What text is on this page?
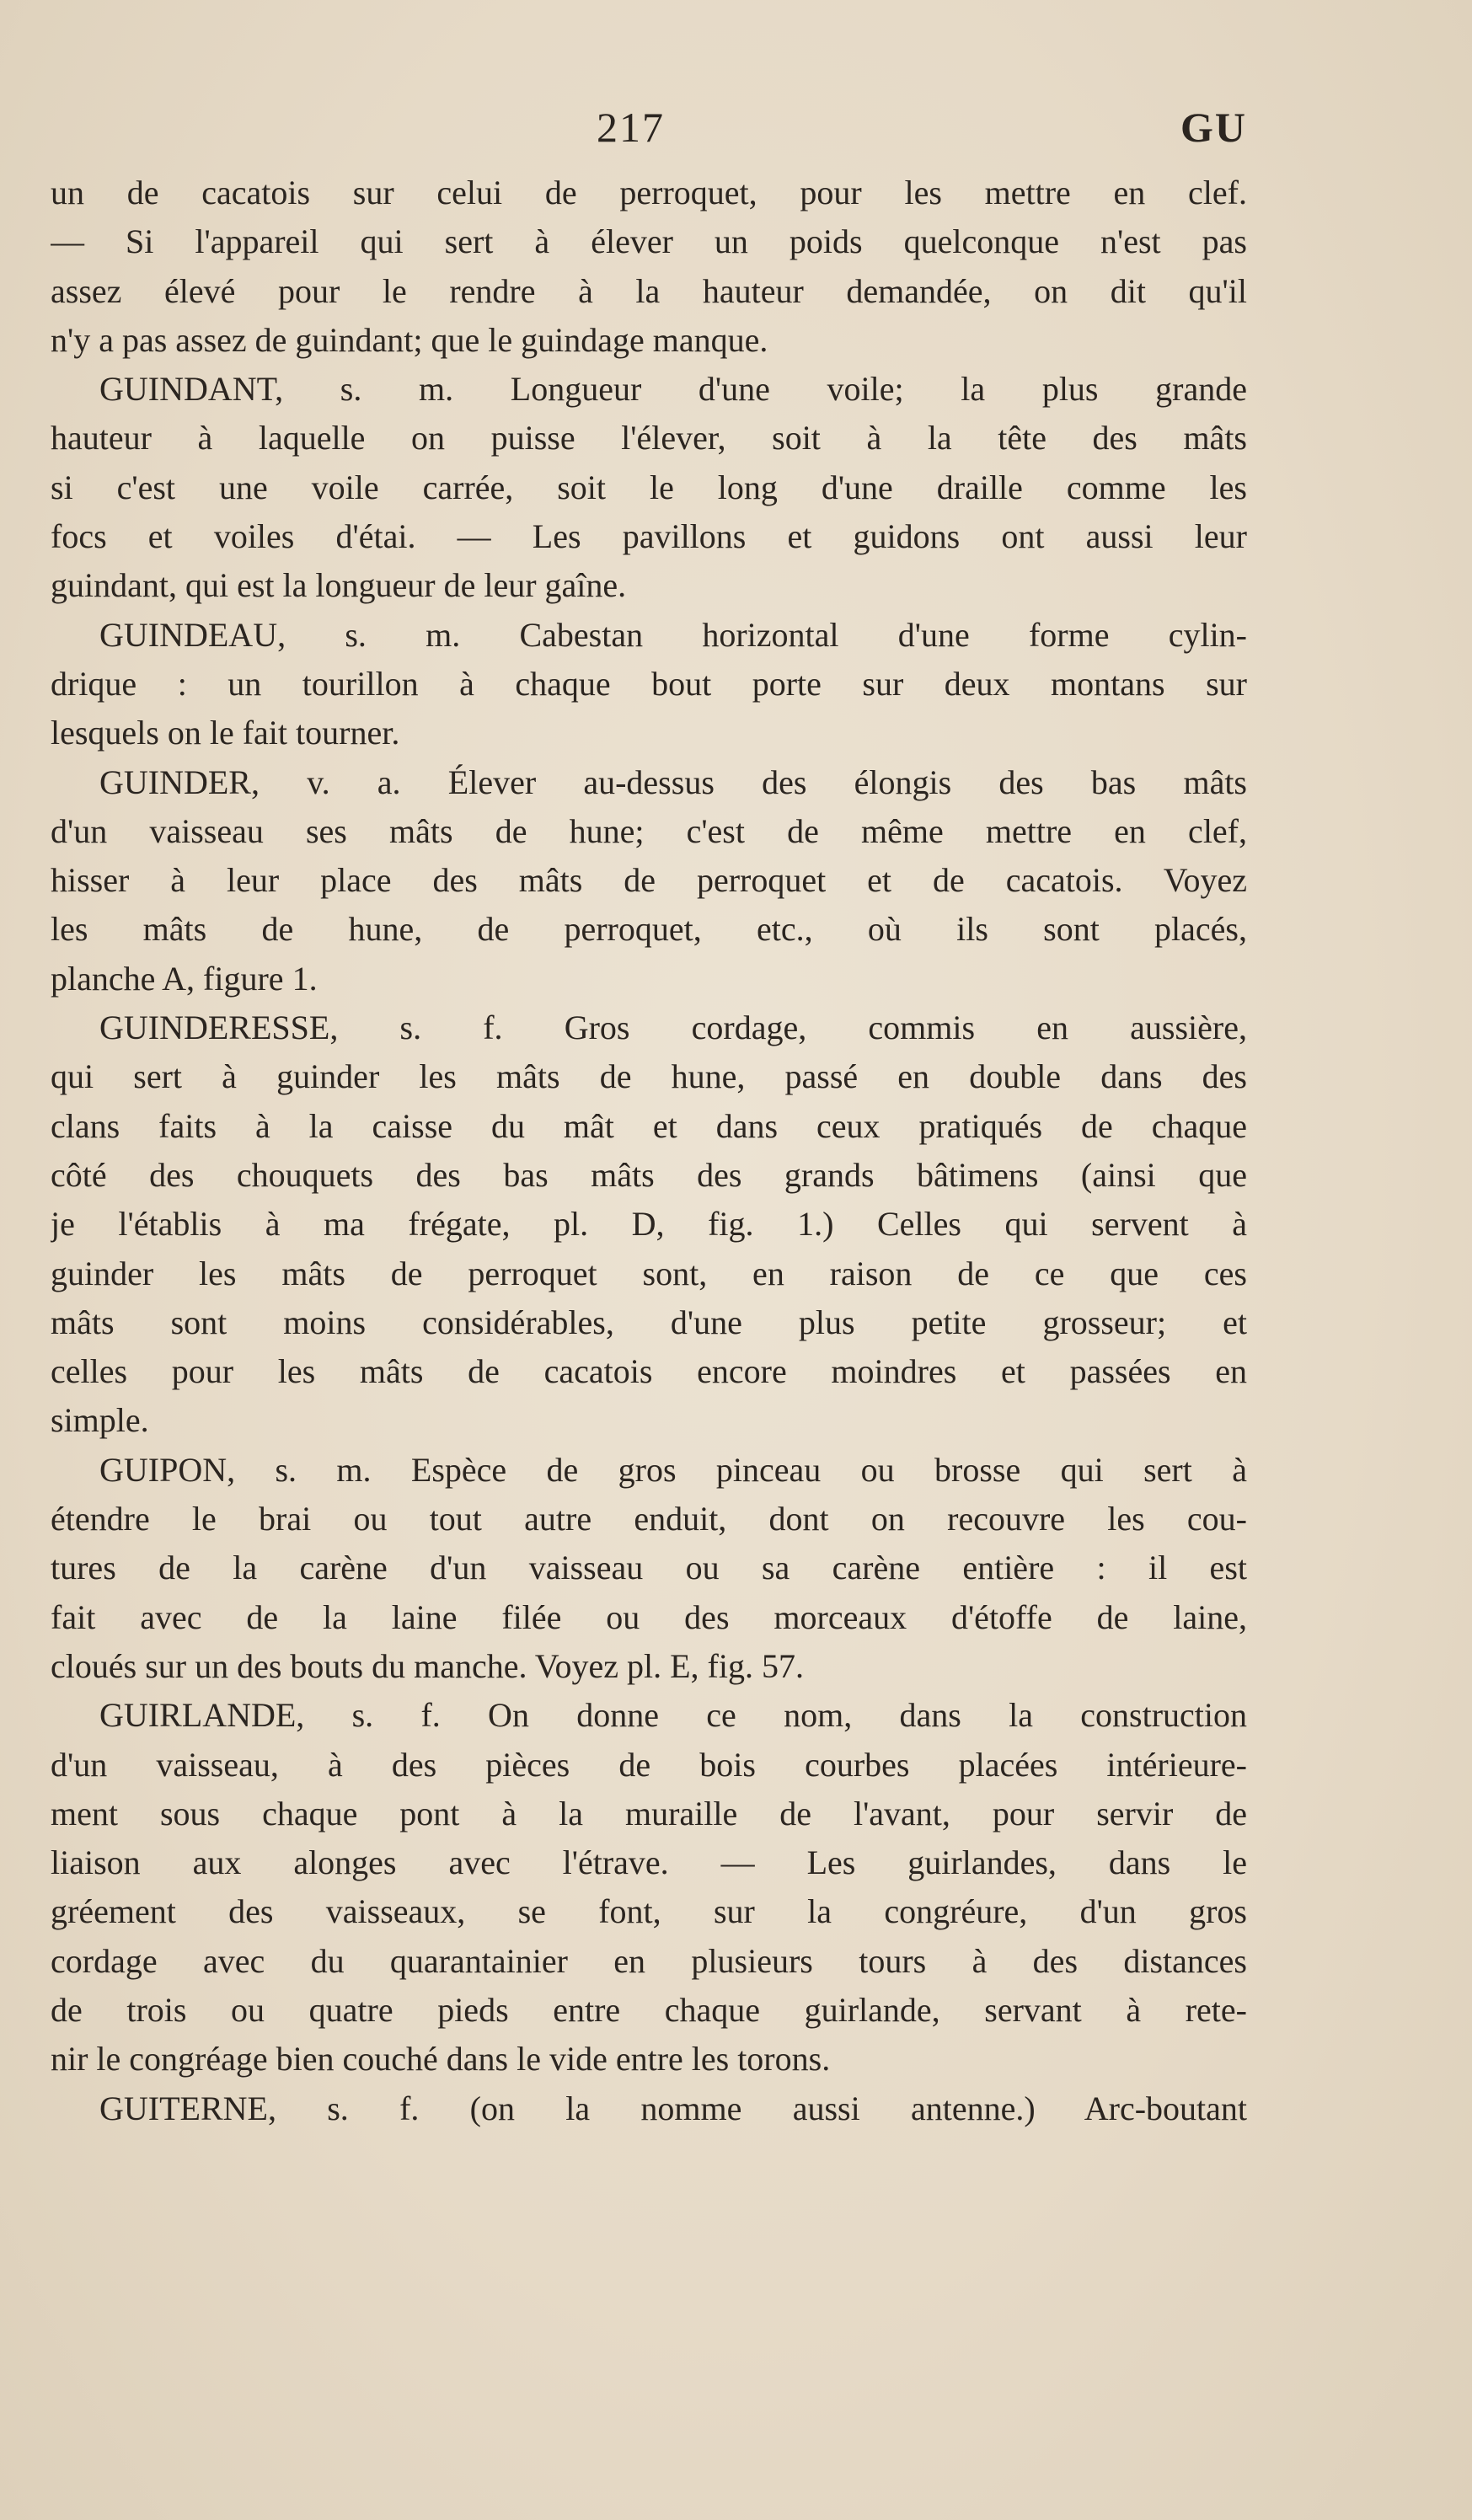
217	GU
un de cacatois sur celui de perroquet, pour les mettre en clef.
— Si l'appareil qui sert à élever un poids quelconque n'est pas
assez élevé pour le rendre à la hauteur demandée, on dit qu'il
n'y a pas assez de guindant; que le guindage manque.
GUINDANT, s. m. Longueur d'une voile; la plus grande
hauteur à laquelle on puisse l'élever, soit à la tête des mâts
si c'est une voile carrée, soit le long d'une draille comme les
focs et voiles d'étai. — Les pavillons et guidons ont aussi leur
guindant, qui est la longueur de leur gaîne.
GUINDEAU, s. m. Cabestan horizontal d'une forme cylin-
drique : un tourillon à chaque bout porte sur deux montans sur
lesquels on le fait tourner.
GUINDER, v. a. Élever au-dessus des élongis des bas mâts
d'un vaisseau ses mâts de hune; c'est de même mettre en clef,
hisser à leur place des mâts de perroquet et de cacatois. Voyez
les mâts de hune, de perroquet, etc., où ils sont placés,
planche A, figure 1.
GUINDERESSE, s. f. Gros cordage, commis en aussière,
qui sert à guinder les mâts de hune, passé en double dans des
clans faits à la caisse du mât et dans ceux pratiqués de chaque
côté des chouquets des bas mâts des grands bâtimens (ainsi que
je l'établis à ma frégate, pl. D, fig. 1.) Celles qui servent à
guinder les mâts de perroquet sont, en raison de ce que ces
mâts sont moins considérables, d'une plus petite grosseur; et
celles pour les mâts de cacatois encore moindres et passées en
simple.
GUIPON, s. m. Espèce de gros pinceau ou brosse qui sert à
étendre le brai ou tout autre enduit, dont on recouvre les cou-
tures de la carène d'un vaisseau ou sa carène entière : il est
fait avec de la laine filée ou des morceaux d'étoffe de laine,
cloués sur un des bouts du manche. Voyez pl. E, fig. 57.
GUIRLANDE, s. f. On donne ce nom, dans la construction
d'un vaisseau, à des pièces de bois courbes placées intérieure-
ment sous chaque pont à la muraille de l'avant, pour servir de
liaison aux alonges avec l'étrave. — Les guirlandes, dans le
gréement des vaisseaux, se font, sur la congréure, d'un gros
cordage avec du quarantainier en plusieurs tours à des distances
de trois ou quatre pieds entre chaque guirlande, servant à rete-
nir le congréage bien couché dans le vide entre les torons.
GUITERNE, s. f. (on la nomme aussi antenne.) Arc-boutant
